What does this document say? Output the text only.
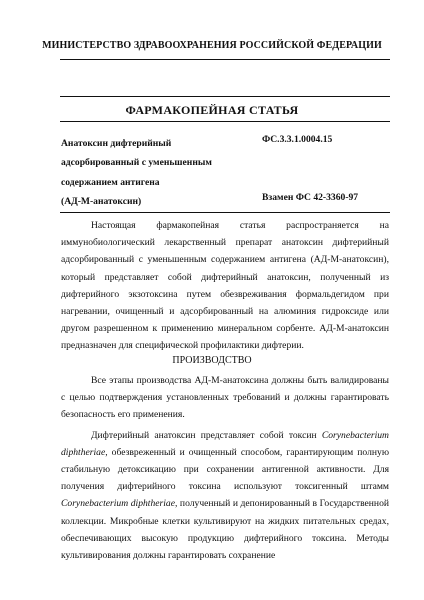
МИНИСТЕРСТВО ЗДРАВООХРАНЕНИЯ РОССИЙСКОЙ ФЕДЕРАЦИИ
ФАРМАКОПЕЙНАЯ СТАТЬЯ
Анатоксин дифтерийный
адсорбированный с уменьшенным
содержанием антигена
(АД-М-анатоксин)
ФС.3.3.1.0004.15
Взамен ФС 42-3360-97

Настоящая фармакопейная статья распространяется на иммунобиологический лекарственный препарат анатоксин дифтерийный адсорбированный с уменьшенным содержанием антигена (АД-М-анатоксин), который представляет собой дифтерийный анатоксин, полученный из дифтерийного экзотоксина путем обезвреживания формальдегидом при нагревании, очищенный и адсорбированный на алюминия гидроксиде или другом разрешенном к применению минеральном сорбенте. АД-М-анатоксин предназначен для специфической профилактики дифтерии.

ПРОИЗВОДСТВО

Все этапы производства АД-М-анатоксина должны быть валидированы с целью подтверждения установленных требований и должны гарантировать безопасность его применения.

Дифтерийный анатоксин представляет собой токсин Corynebacterium diphtheriae, обезвреженный и очищенный способом, гарантирующим полную стабильную детоксикацию при сохранении антигенной активности. Для получения дифтерийного токсина используют токсигенный штамм Corynebacterium diphtheriae, полученный и депонированный в Государственной коллекции. Микробные клетки культивируют на жидких питательных средах, обеспечивающих высокую продукцию дифтерийного токсина. Методы культивирования должны гарантировать сохранение
